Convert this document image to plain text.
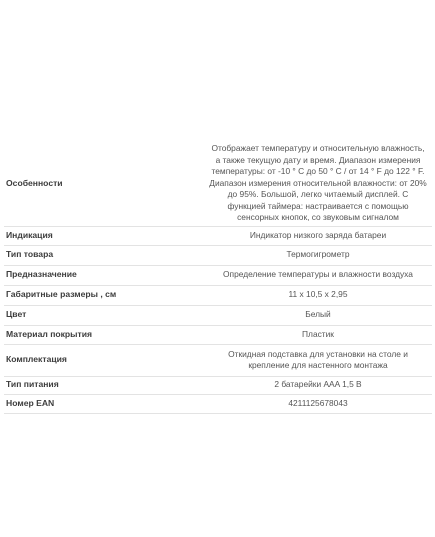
Особенности	Отображает температуру и относительную влажность, а также текущую дату и время. Диапазон измерения температуры: от -10 ° C до 50 ° C / от 14 ° F до 122 ° F. Диапазон измерения относительной влажности: от 20% до 95%. Большой, легко читаемый дисплей. С функцией таймера: настраивается с помощью сенсорных кнопок, со звуковым сигналом
Индикация	Индикатор низкого заряда батареи
Тип товара	Термогигрометр
Предназначение	Определение температуры и влажности воздуха
Габаритные размеры , см	11 x 10,5 x 2,95
Цвет	Белый
Материал покрытия	Пластик
Комплектация	Откидная подставка для установки на столе и крепление для настенного монтажа
Тип питания	2 батарейки AAA 1,5 В
Номер EAN	4211125678043
